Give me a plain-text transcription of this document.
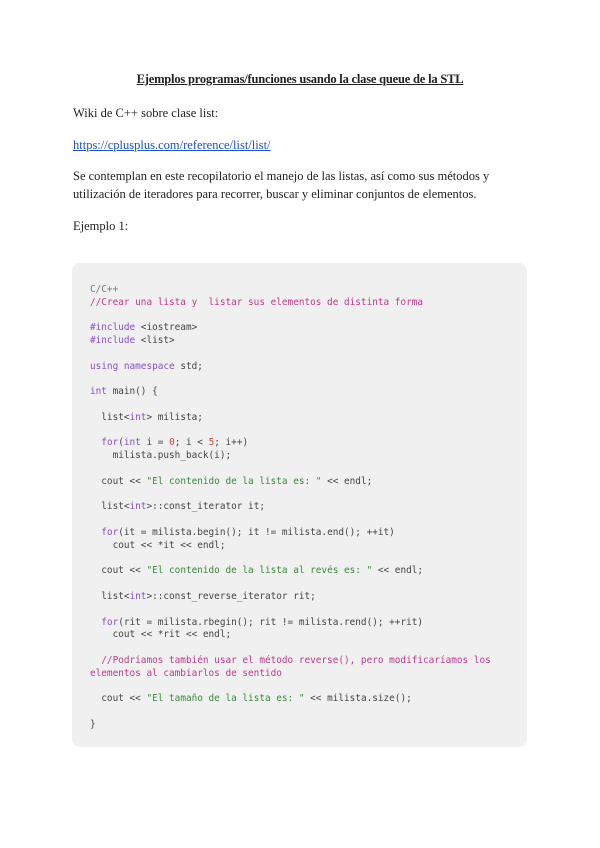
Ejemplos programas/funciones usando la clase queue de la STL
Wiki de C++ sobre clase list:
https://cplusplus.com/reference/list/list/
Se contemplan en este recopilatorio el manejo de las listas, así como sus métodos y utilización de iteradores para recorrer, buscar y eliminar conjuntos de elementos.
Ejemplo 1:

C/C++
//Crear una lista y  listar sus elementos de distinta forma
#include <iostream>
#include <list>
using namespace std;
int main() {
list<int> milista;
for(int i = 0; i < 5; i++)
milista.push_back(i);
cout << "El contenido de la lista es: " << endl;
list<int>::const_iterator it;
for(it = milista.begin(); it != milista.end(); ++it)
cout << *it << endl;
cout << "El contenido de la lista al revés es: " << endl;
list<int>::const_reverse_iterator rit;
for(rit = milista.rbegin(); rit != milista.rend(); ++rit)
cout << *rit << endl;
//Podríamos también usar el método reverse(), pero modificaríamos los
elementos al cambiarlos de sentido
cout << "El tamaño de la lista es: " << milista.size();
}
